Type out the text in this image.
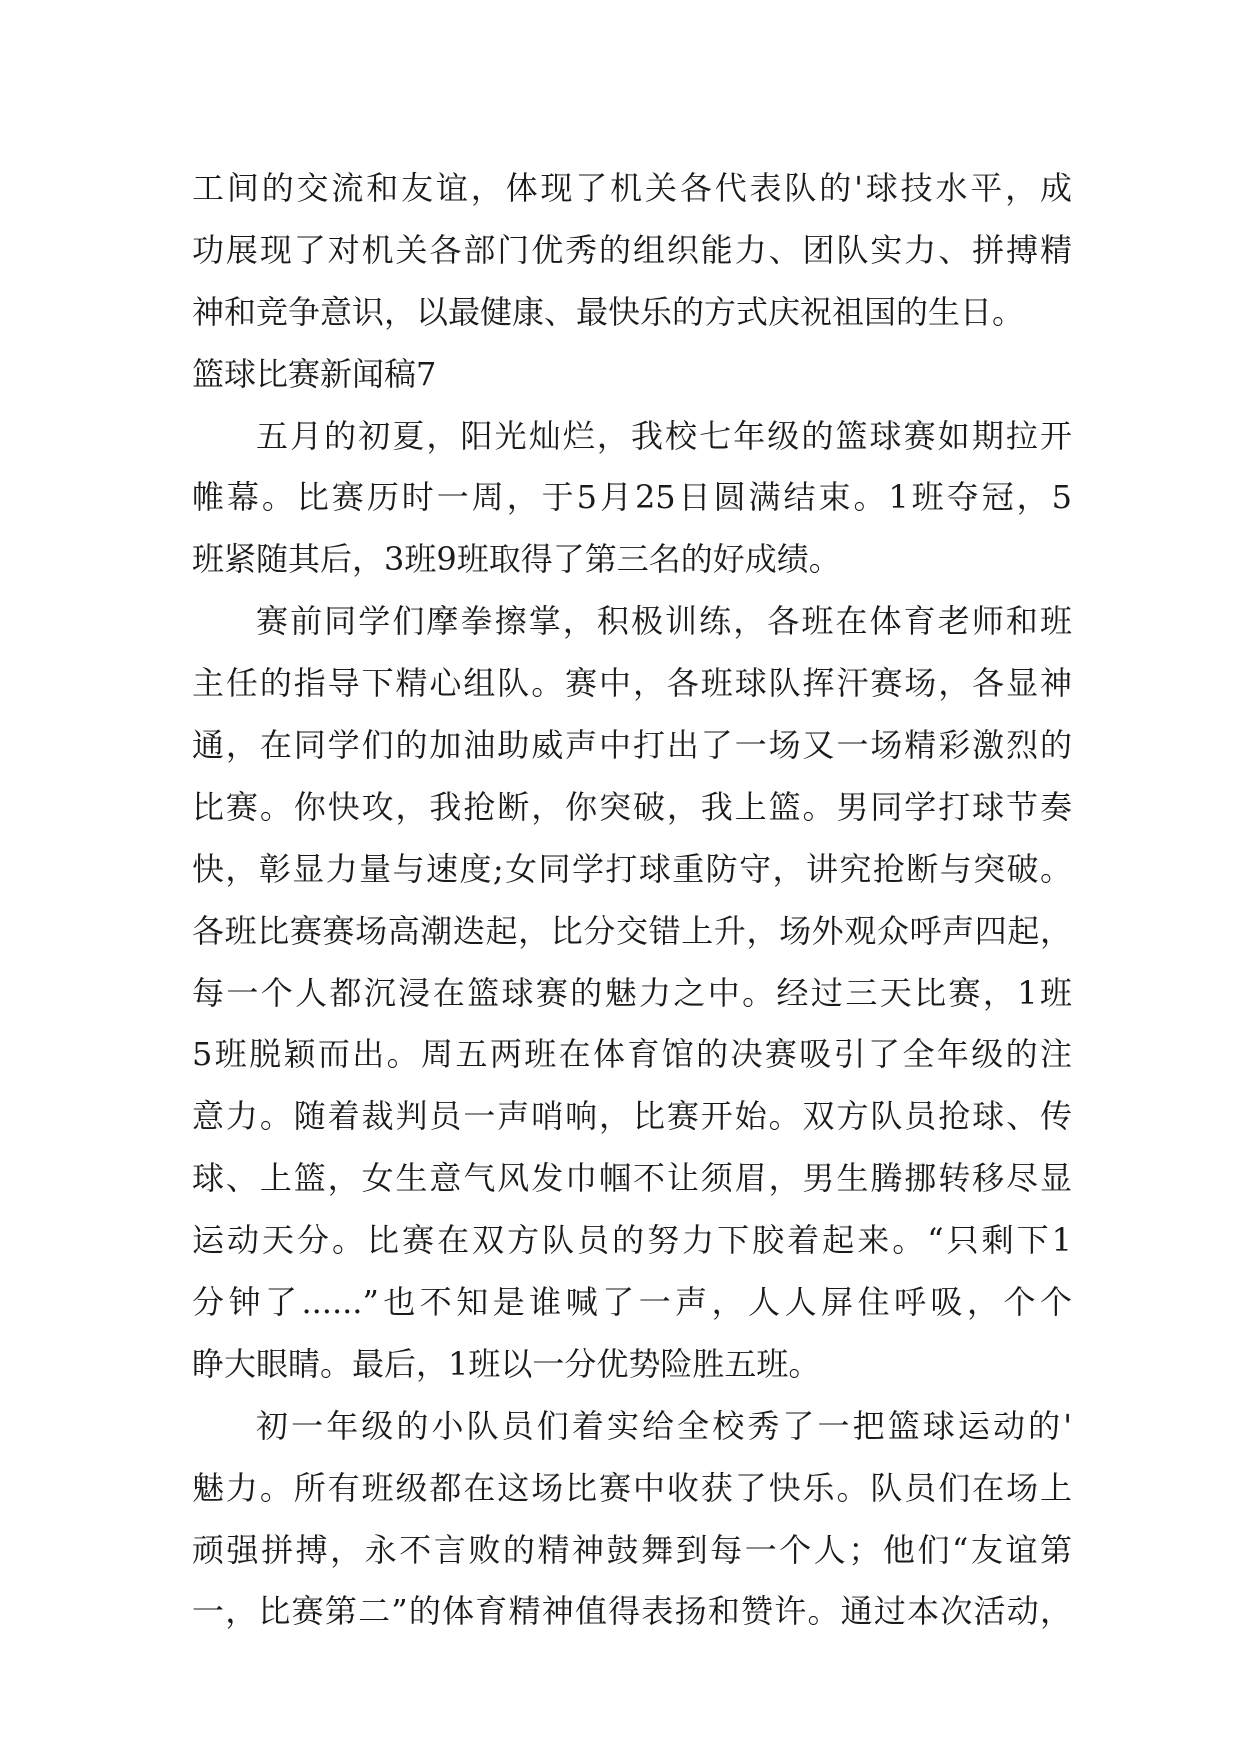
工间的交流和友谊，体现了机关各代表队的'球技水平，成
功展现了对机关各部门优秀的组织能力、团队实力、拼搏精
神和竞争意识，以最健康、最快乐的方式庆祝祖国的生日。
篮球比赛新闻稿7
五月的初夏，阳光灿烂，我校七年级的篮球赛如期拉开
帷幕。比赛历时一周，于5月25日圆满结束。1班夺冠，5
班紧随其后，3班9班取得了第三名的好成绩。
赛前同学们摩拳擦掌，积极训练，各班在体育老师和班
主任的指导下精心组队。赛中，各班球队挥汗赛场，各显神
通，在同学们的加油助威声中打出了一场又一场精彩激烈的
比赛。你快攻，我抢断，你突破，我上篮。男同学打球节奏
快，彰显力量与速度;女同学打球重防守，讲究抢断与突破。
各班比赛赛场高潮迭起，比分交错上升，场外观众呼声四起，
每一个人都沉浸在篮球赛的魅力之中。经过三天比赛，1班
5班脱颖而出。周五两班在体育馆的决赛吸引了全年级的注
意力。随着裁判员一声哨响，比赛开始。双方队员抢球、传
球、上篮，女生意气风发巾帼不让须眉，男生腾挪转移尽显
运动天分。比赛在双方队员的努力下胶着起来。“只剩下1
分钟了......”也不知是谁喊了一声，人人屏住呼吸，个个
睁大眼睛。最后，1班以一分优势险胜五班。
初一年级的小队员们着实给全校秀了一把篮球运动的'
魅力。所有班级都在这场比赛中收获了快乐。队员们在场上
顽强拼搏，永不言败的精神鼓舞到每一个人；他们“友谊第
一，比赛第二”的体育精神值得表扬和赞许。通过本次活动，
